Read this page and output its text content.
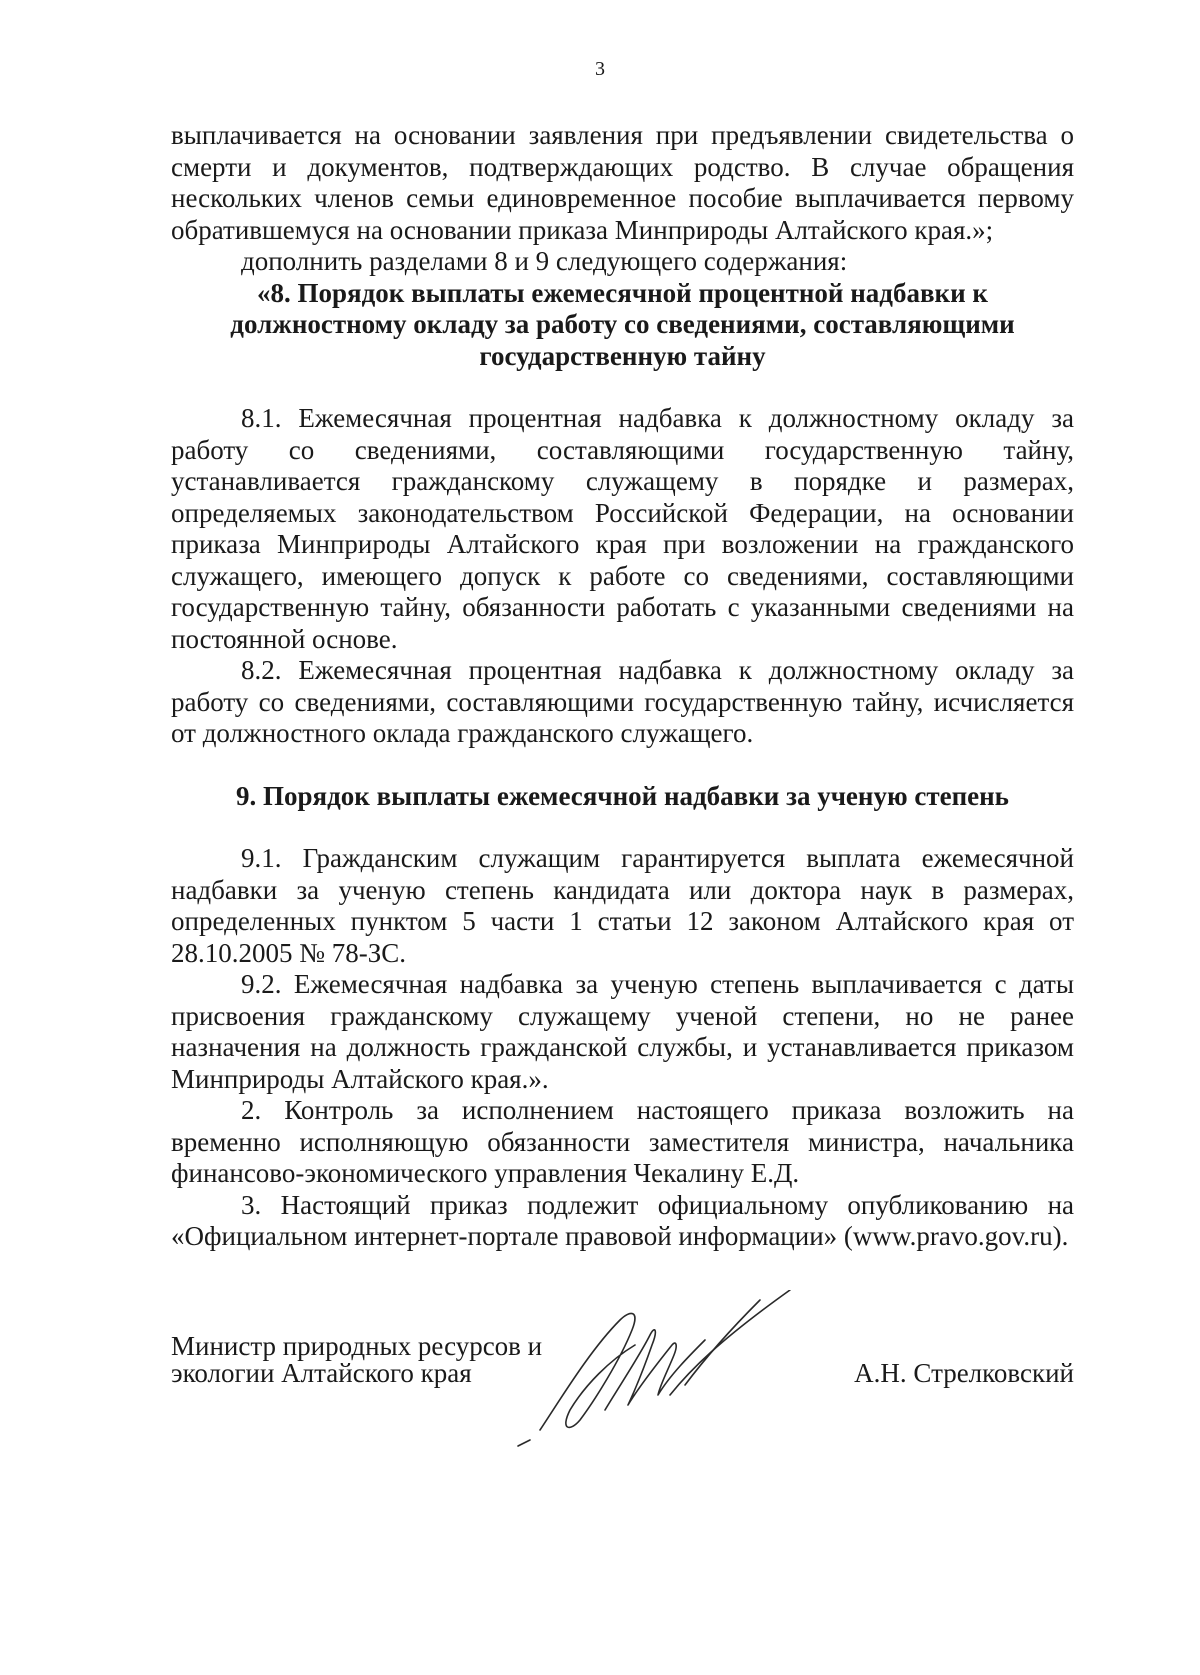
3

выплачивается на основании заявления при предъявлении свидетельства о смерти и документов, подтверждающих родство. В случае обращения нескольких членов семьи единовременное пособие выплачивается первому обратившемуся на основании приказа Минприроды Алтайского края.»;

дополнить разделами 8 и 9 следующего содержания:

«8. Порядок выплаты ежемесячной процентной надбавки к должностному окладу за работу со сведениями, составляющими государственную тайну

8.1. Ежемесячная процентная надбавка к должностному окладу за работу со сведениями, составляющими государственную тайну, устанавливается гражданскому служащему в порядке и размерах, определяемых законодательством Российской Федерации, на основании приказа Минприроды Алтайского края при возложении на гражданского служащего, имеющего допуск к работе со сведениями, составляющими государственную тайну, обязанности работать с указанными сведениями на постоянной основе.

8.2. Ежемесячная процентная надбавка к должностному окладу за работу со сведениями, составляющими государственную тайну, исчисляется от должностного оклада гражданского служащего.

9. Порядок выплаты ежемесячной надбавки за ученую степень

9.1. Гражданским служащим гарантируется выплата ежемесячной надбавки за ученую степень кандидата или доктора наук в размерах, определенных пунктом 5 части 1 статьи 12 законом Алтайского края от 28.10.2005 № 78-ЗС.

9.2. Ежемесячная надбавка за ученую степень выплачивается с даты присвоения гражданскому служащему ученой степени, но не ранее назначения на должность гражданской службы, и устанавливается приказом Минприроды Алтайского края.».

2. Контроль за исполнением настоящего приказа возложить на временно исполняющую обязанности заместителя министра, начальника финансово-экономического управления Чекалину Е.Д.

3. Настоящий приказ подлежит официальному опубликованию на «Официальном интернет-портале правовой информации» (www.pravo.gov.ru).

Министр природных ресурсов и
экологии Алтайского края	А.Н. Стрелковский
